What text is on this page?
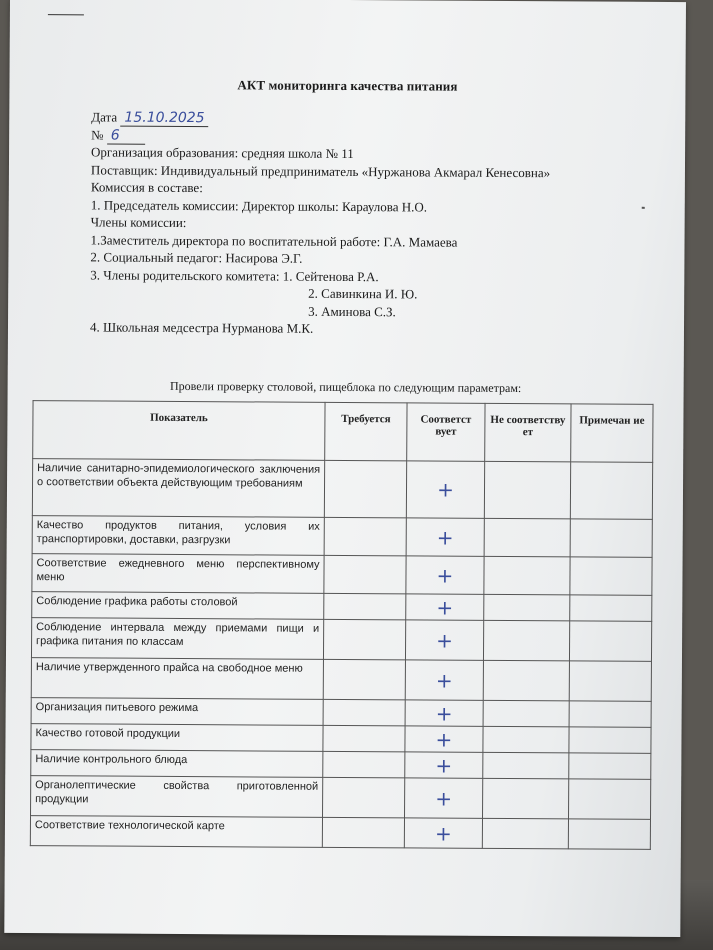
АКТ мониторинга качества питания
Дата 15.10.2025
№ 6
Организация образования: средняя школа № 11
Поставщик: Индивидуальный предприниматель «Нуржанова Акмарал Кенесовна»
Комиссия в составе:
1. Председатель комиссии: Директор школы: Караулова Н.О.
Члены комиссии:
1.Заместитель директора по воспитательной работе: Г.А. Мамаева
2. Социальный педагог: Насирова Э.Г.
3. Члены родительского комитета: 1. Сейтенова Р.А.
2. Савинкина И. Ю.
3. Аминова С.З.
4. Школьная медсестра Нурманова М.К.
Провели проверку столовой, пищеблока по следующим параметрам:
Показатель	Требуется	Соответст вует	Не соответству ет	Примечан ие
Наличие санитарно-эпидемиологического заключения о соответствии объекта действующим требованиям		+		
Качество продуктов питания, условия их транспортировки, доставки, разгрузки		+		
Соответствие ежедневного меню перспективному меню		+		
Соблюдение графика работы столовой		+		
Соблюдение интервала между приемами пищи и графика питания по классам		+		
Наличие утвержденного прайса на свободное меню		+		
Организация питьевого режима		+		
Качество готовой продукции		+		
Наличие контрольного блюда		+		
Органолептические свойства приготовленной продукции		+		
Соответствие технологической карте		+		
